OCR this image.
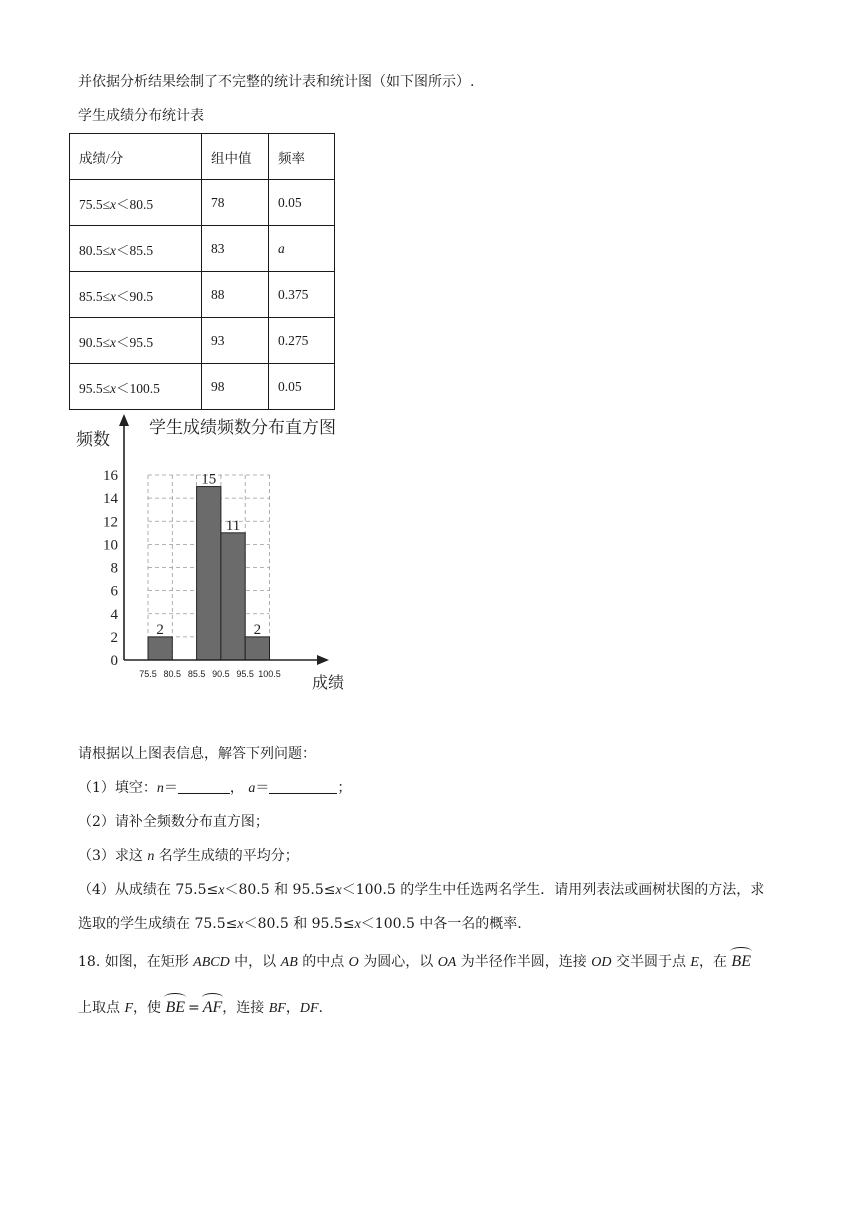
并依据分析结果绘制了不完整的统计表和统计图（如下图所示）.
学生成绩分布统计表
成绩/分	组中值	频率
75.5≤x＜80.5	78	0.05
80.5≤x＜85.5	83	a
85.5≤x＜90.5	88	0.375
90.5≤x＜95.5	93	0.275
95.5≤x＜100.5	98	0.05
2
15
11
2
0
2
4
6
8
10
12
14
16
75.5 80.5 85.5 90.5 95.5 100.5
学生成绩频数分布直方图
频数
成绩
请根据以上图表信息，解答下列问题：
（1）填空：n＝	， a＝	；
（2）请补全频数分布直方图；
（3）求这 n 名学生成绩的平均分；
（4）从成绩在 75.5≤x＜80.5 和 95.5≤x＜100.5 的学生中任选两名学生．请用列表法或画树状图的方法，求
选取的学生成绩在 75.5≤x＜80.5 和 95.5≤x＜100.5 中各一名的概率.
18. 如图，在矩形 ABCD 中，以 AB 的中点 O 为圆心，以 OA 为半径作半圆，连接 OD 交半圆于点 E，在 BE
上取点 F，使 BE = AF，连接 BF，DF.
